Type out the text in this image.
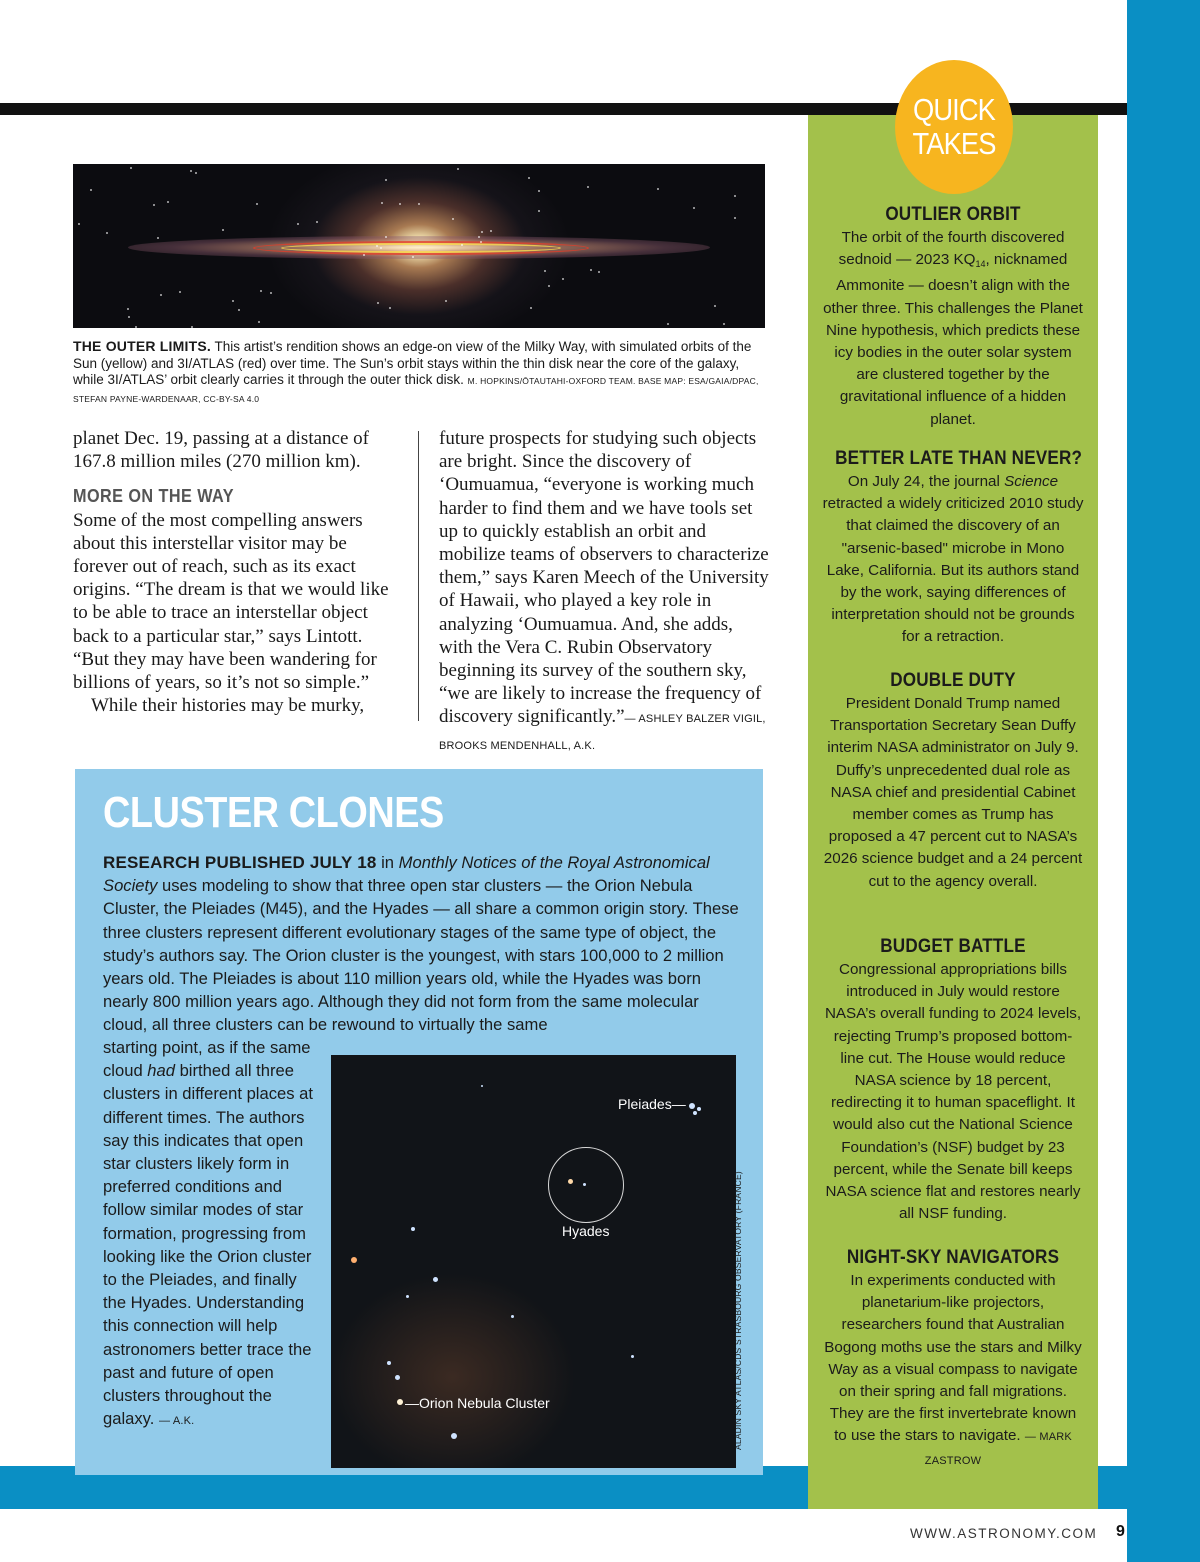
QUICK
TAKES
THE OUTER LIMITS. This artist’s rendition shows an edge-on view of the Milky Way, with simulated orbits of the Sun (yellow) and 3I/ATLAS (red) over time. The Sun’s orbit stays within the thin disk near the core of the galaxy, while 3I/ATLAS’ orbit clearly carries it through the outer thick disk. M. HOPKINS/ŌTAUTAHI-OXFORD TEAM. BASE MAP: ESA/GAIA/DPAC, STEFAN PAYNE-WARDENAAR, CC-BY-SA 4.0
planet Dec. 19, passing at a distance of 167.8 million miles (270 million km).
MORE ON THE WAY
Some of the most compelling answers about this interstellar visitor may be forever out of reach, such as its exact origins. “The dream is that we would like to be able to trace an interstellar object back to a particular star,” says Lintott. “But they may have been wandering for billions of years, so it’s not so simple.”
While their histories may be murky,
future prospects for studying such objects are bright. Since the discovery of ‘Oumuamua, “everyone is working much harder to find them and we have tools set up to quickly establish an orbit and mobilize teams of observers to characterize them,” says Karen Meech of the University of Hawaii, who played a key role in analyzing ‘Oumuamua. And, she adds, with the Vera C. Rubin Observatory beginning its survey of the southern sky, “we are likely to increase the frequency of discovery significantly.”— ASHLEY BALZER VIGIL, BROOKS MENDENHALL, A.K.
CLUSTER CLONES
RESEARCH PUBLISHED JULY 18 in Monthly Notices of the Royal Astronomical Society uses modeling to show that three open star clusters — the Orion Nebula Cluster, the Pleiades (M45), and the Hyades — all share a common origin story. These three clusters represent different evolutionary stages of the same type of object, the study’s authors say. The Orion cluster is the youngest, with stars 100,000 to 2 million years old. The Pleiades is about 110 million years old, while the Hyades was born nearly 800 million years ago. Although they did not form from the same molecular cloud, all three clusters can be rewound to virtually the same
starting point, as if the same cloud had birthed all three clusters in different places at different times. The authors say this indicates that open star clusters likely form in preferred conditions and follow similar modes of star formation, progressing from looking like the Orion cluster to the Pleiades, and finally the Hyades. Understanding this connection will help astronomers better trace the past and future of open clusters throughout the galaxy. — A.K.
Pleiades—
Hyades
—Orion Nebula Cluster	ALADIN SKY ATLAS/CDS STRASBOURG OBSERVATORY (FRANCE)
OUTLIER ORBIT
The orbit of the fourth discovered sednoid — 2023 $KQ_{14}$, nicknamed Ammonite — doesn’t align with the other three. This challenges the Planet Nine hypothesis, which predicts these icy bodies in the outer solar system are clustered together by the gravitational influence of a hidden planet.
BETTER LATE THAN NEVER?
On July 24, the journal Science retracted a widely criticized 2010 study that claimed the discovery of an "arsenic-based" microbe in Mono Lake, California. But its authors stand by the work, saying differences of interpretation should not be grounds for a retraction.
DOUBLE DUTY
President Donald Trump named Transportation Secretary Sean Duffy interim NASA administrator on July 9. Duffy’s unprecedented dual role as NASA chief and presidential Cabinet member comes as Trump has proposed a 47 percent cut to NASA’s 2026 science budget and a 24 percent cut to the agency overall.
BUDGET BATTLE
Congressional appropriations bills introduced in July would restore NASA’s overall funding to 2024 levels, rejecting Trump’s proposed bottom-line cut. The House would reduce NASA science by 18 percent, redirecting it to human spaceflight. It would also cut the National Science Foundation’s (NSF) budget by 23 percent, while the Senate bill keeps NASA science flat and restores nearly all NSF funding.
NIGHT-SKY NAVIGATORS
In experiments conducted with planetarium-like projectors, researchers found that Australian Bogong moths use the stars and Milky Way as a visual compass to navigate on their spring and fall migrations. They are the first invertebrate known to use the stars to navigate. — MARK ZASTROW
WWW.ASTRONOMY.COM 9
